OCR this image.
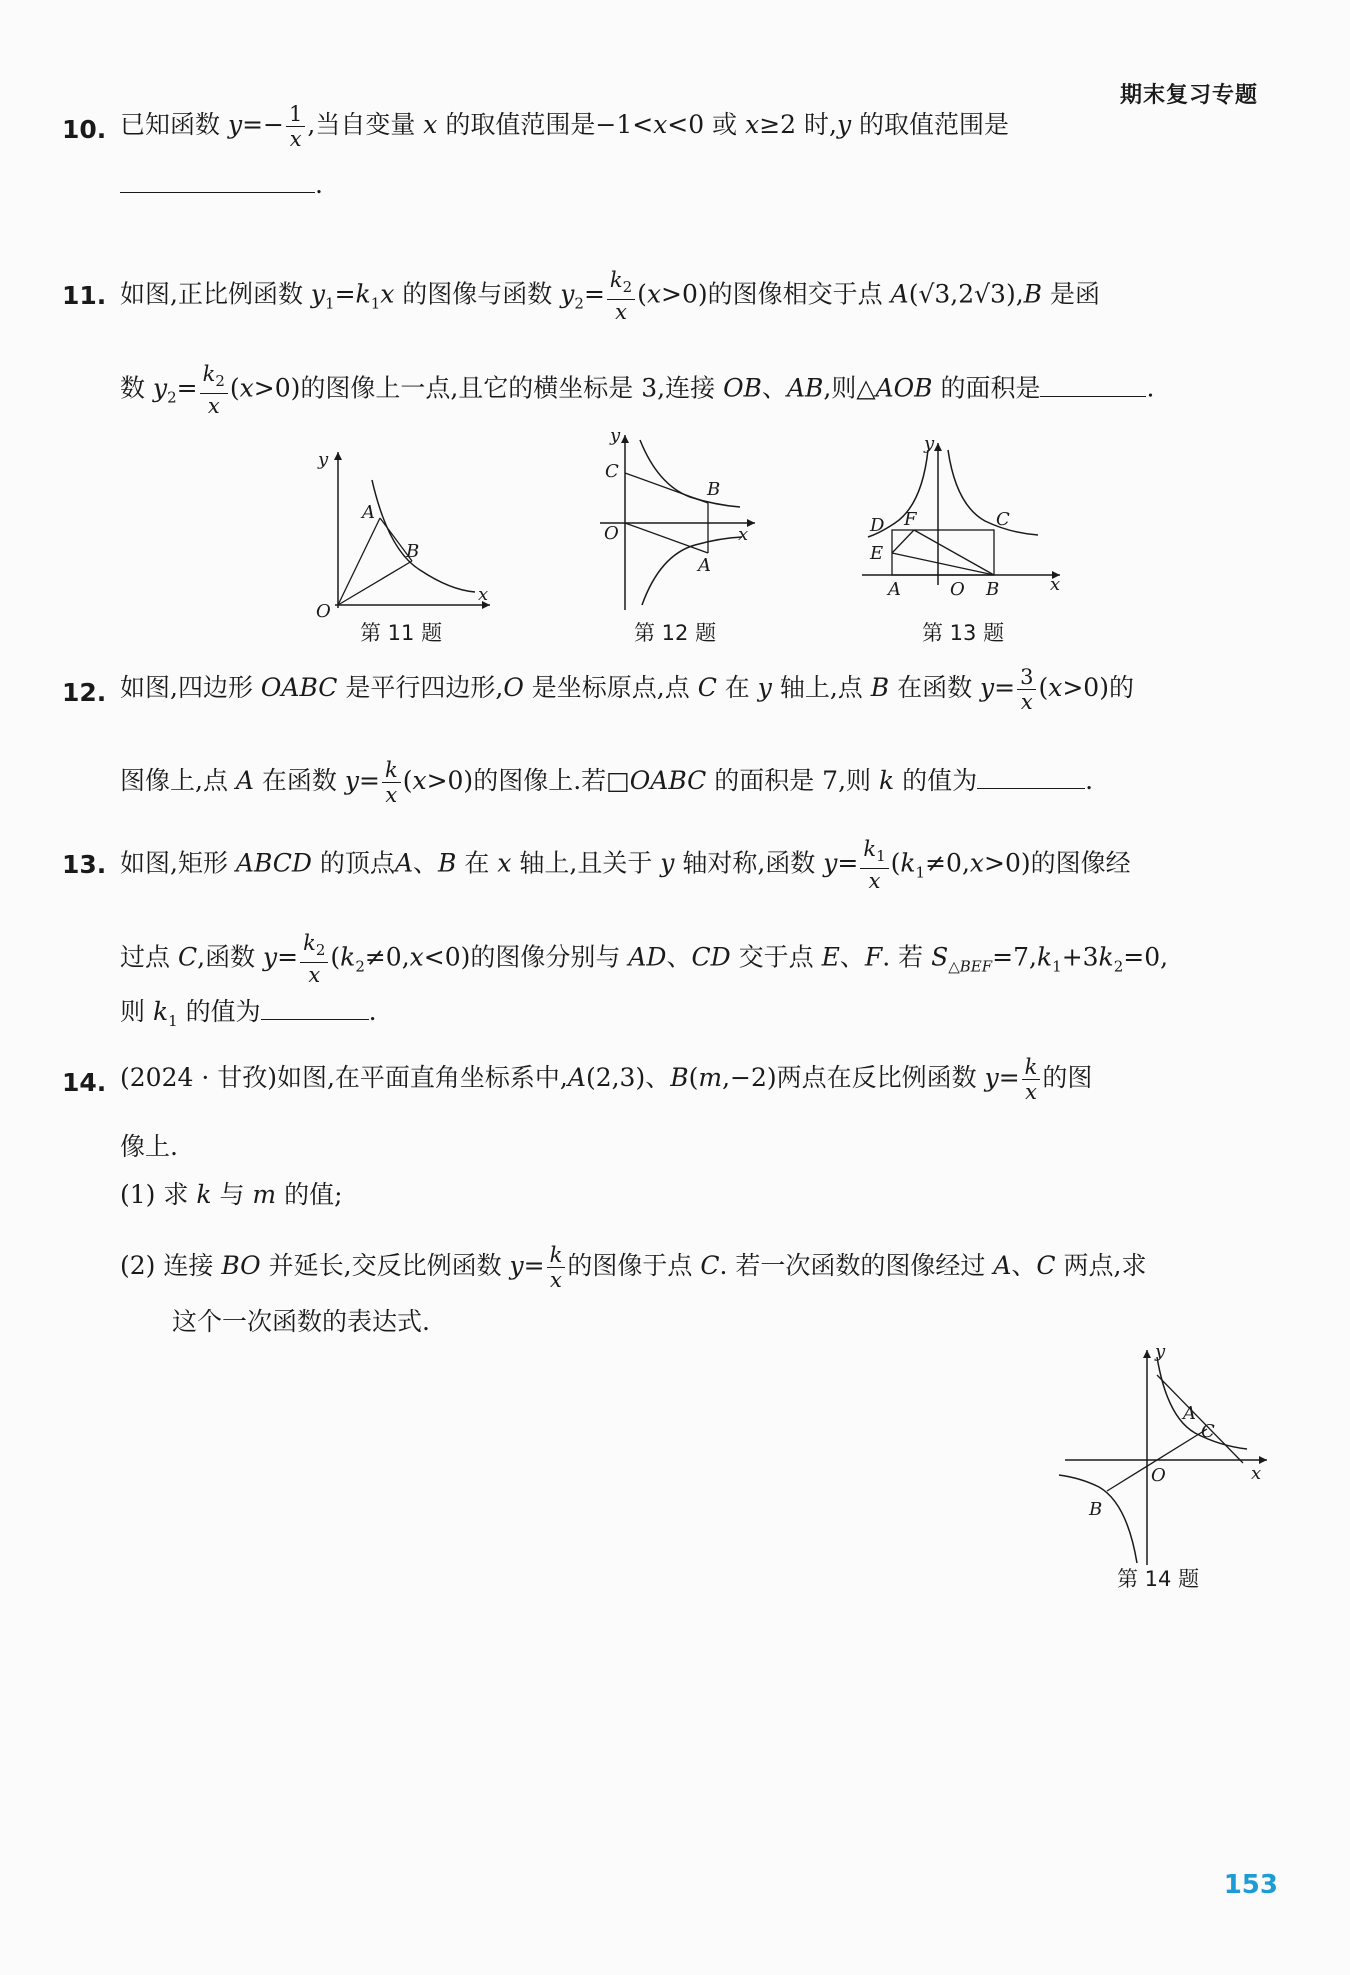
期末复习专题
10. 已知函数 $y=- \frac{1}{x}$ ,当自变量 x 的取值范围是−1<x<0 或 x≥2 时,y 的取值范围是
.
11. 如图,正比例函数 $y_1=k_1x$ 的图像与函数 $y_2= \frac{k_2}{x} (x>0)$的图像相交于点 A(√3,2√3),B 是函
数 $y_2= \frac{k_2}{x} (x>0)$的图像上一点,且它的横坐标是 3,连接 OB、AB,则△AOB 的面积是	.
A
B
y
x
O
第 11 题
C
B
A
O
y
x
第 12 题
D F	C
E
A	O B
y
x
第 13 题
12. 如图,四边形 OABC 是平行四边形,O 是坐标原点,点 C 在 y 轴上,点 B 在函数 $y= \frac{3}{x} (x>0)$的
图像上,点 A 在函数 $y= \frac{k}{x} (x>0)$的图像上.若□OABC 的面积是 7,则 k 的值为	.
13. 如图,矩形 ABCD 的顶点A、B 在 x 轴上,且关于 y 轴对称,函数 $y= \frac{k_1}{x} (k_1\ne 0,x>0)$的图像经
过点 C,函数 $y= \frac{k_2}{x} (k_2\ne 0,x<0)$的图像分别与 AD、CD 交于点 E、F. 若 $S_{\triangle BEF}=7,k_1+3k_2=0$,
则 $k_1$ 的值为	.
14. (2024 · 甘孜)如图,在平面直角坐标系中,A(2,3)、B(m,−2)两点在反比例函数 $y= \frac{k}{x}$ 的图
像上.
(1) 求 k 与 m 的值;
(2) 连接 BO 并延长,交反比例函数 $y= \frac{k}{x}$ 的图像于点 C. 若一次函数的图像经过 A、C 两点,求
这个一次函数的表达式.
y
A
C
O	x
B
第 14 题
153
